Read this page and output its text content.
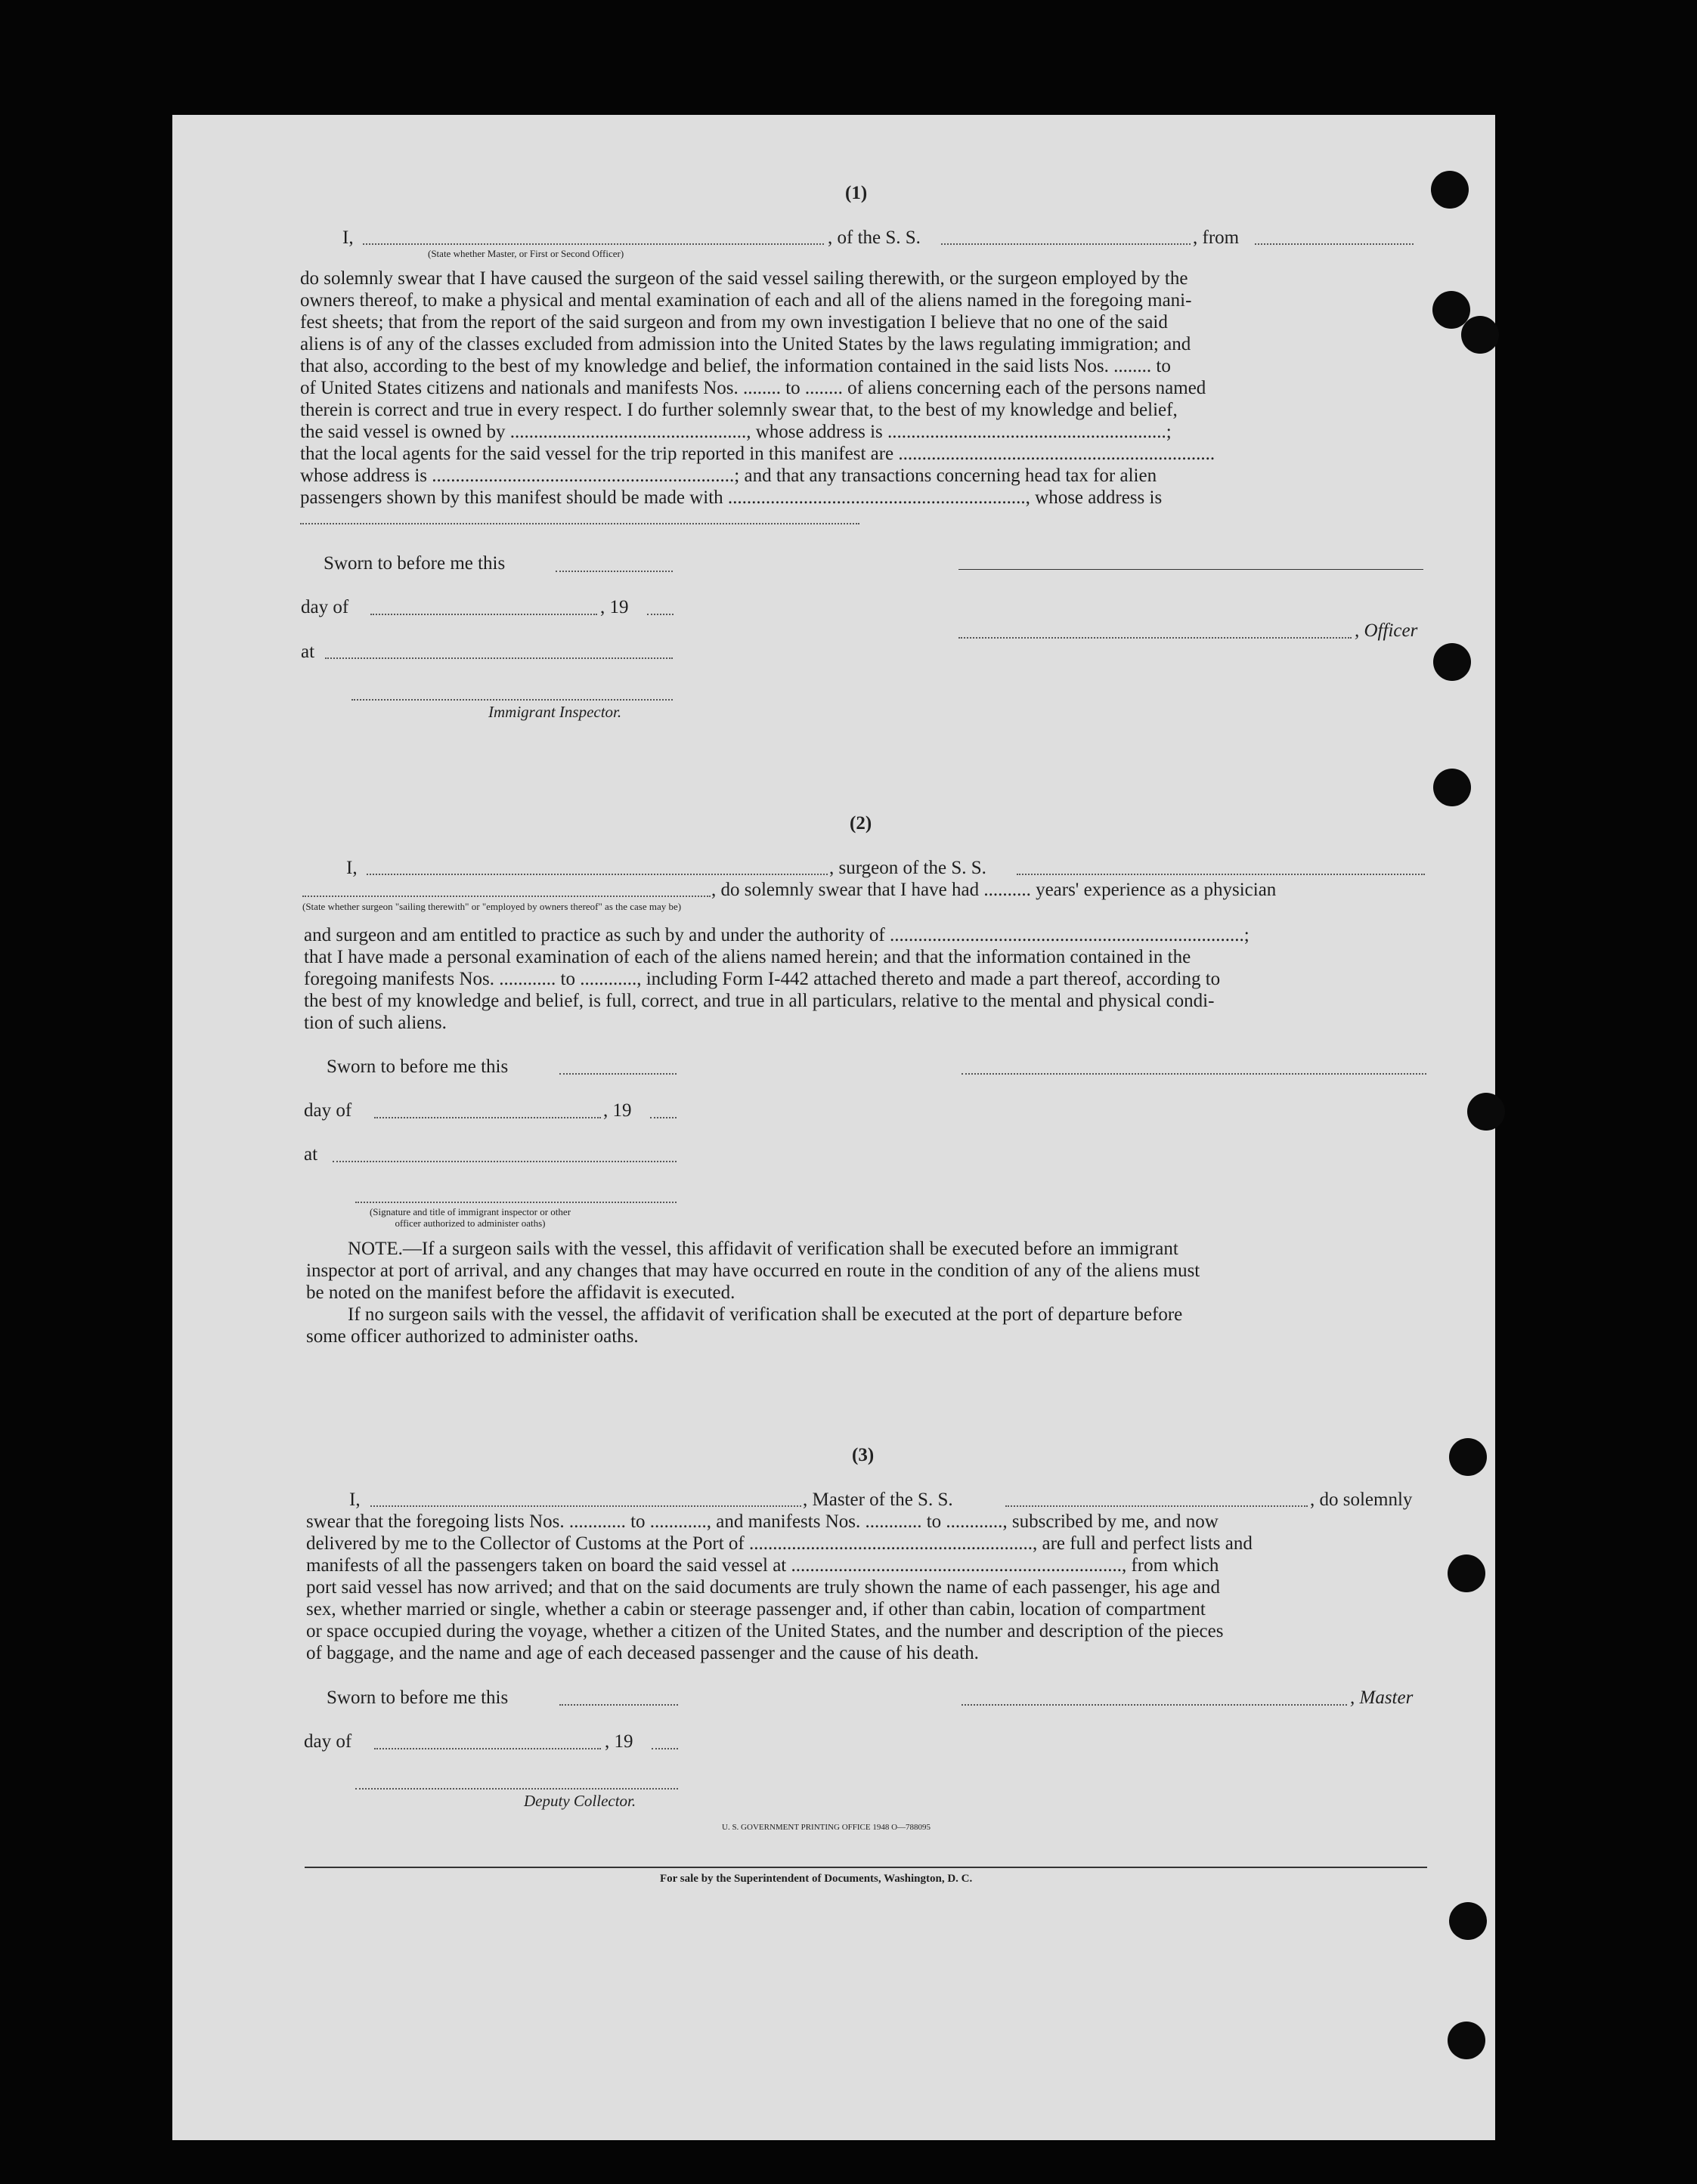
(1)
I,	, of the S. S.	, from
(State whether Master, or First or Second Officer)
do solemnly swear that I have caused the surgeon of the said vessel sailing therewith, or the surgeon employed by the
owners thereof, to make a physical and mental examination of each and all of the aliens named in the foregoing mani-
fest sheets; that from the report of the said surgeon and from my own investigation I believe that no one of the said
aliens is of any of the classes excluded from admission into the United States by the laws regulating immigration; and
that also, according to the best of my knowledge and belief, the information contained in the said lists Nos. ........ to
of United States citizens and nationals and manifests Nos. ........ to ........ of aliens concerning each of the persons named
therein is correct and true in every respect. I do further solemnly swear that, to the best of my knowledge and belief,
the said vessel is owned by .................................................., whose address is ...........................................................;
that the local agents for the said vessel for the trip reported in this manifest are ...................................................................
whose address is ................................................................; and that any transactions concerning head tax for alien
passengers shown by this manifest should be made with ..............................................................., whose address is
Sworn to before me this
day of	, 19
, Officer
at
Immigrant Inspector.
(2)
I,	, surgeon of the S. S.
, do solemnly swear that I have had .......... years' experience as a physician
(State whether surgeon "sailing therewith" or "employed by owners thereof" as the case may be)
and surgeon and am entitled to practice as such by and under the authority of ...........................................................................;
that I have made a personal examination of each of the aliens named herein; and that the information contained in the
foregoing manifests Nos. ............ to ............, including Form I-442 attached thereto and made a part thereof, according to
the best of my knowledge and belief, is full, correct, and true in all particulars, relative to the mental and physical condi-
tion of such aliens.
Sworn to before me this
day of	, 19
at
(Signature and title of immigrant inspector or other officer authorized to administer oaths)
NOTE.—If a surgeon sails with the vessel, this affidavit of verification shall be executed before an immigrant
inspector at port of arrival, and any changes that may have occurred en route in the condition of any of the aliens must
be noted on the manifest before the affidavit is executed.
If no surgeon sails with the vessel, the affidavit of verification shall be executed at the port of departure before
some officer authorized to administer oaths.
(3)
I,	, Master of the S. S.	, do solemnly
swear that the foregoing lists Nos. ............ to ............, and manifests Nos. ............ to ............, subscribed by me, and now
delivered by me to the Collector of Customs at the Port of ............................................................, are full and perfect lists and
manifests of all the passengers taken on board the said vessel at ......................................................................, from which
port said vessel has now arrived; and that on the said documents are truly shown the name of each passenger, his age and
sex, whether married or single, whether a cabin or steerage passenger and, if other than cabin, location of compartment
or space occupied during the voyage, whether a citizen of the United States, and the number and description of the pieces
of baggage, and the name and age of each deceased passenger and the cause of his death.
Sworn to before me this	, Master
day of	, 19
Deputy Collector.
U. S. GOVERNMENT PRINTING OFFICE 1948 O—788095
For sale by the Superintendent of Documents, Washington, D. C.
